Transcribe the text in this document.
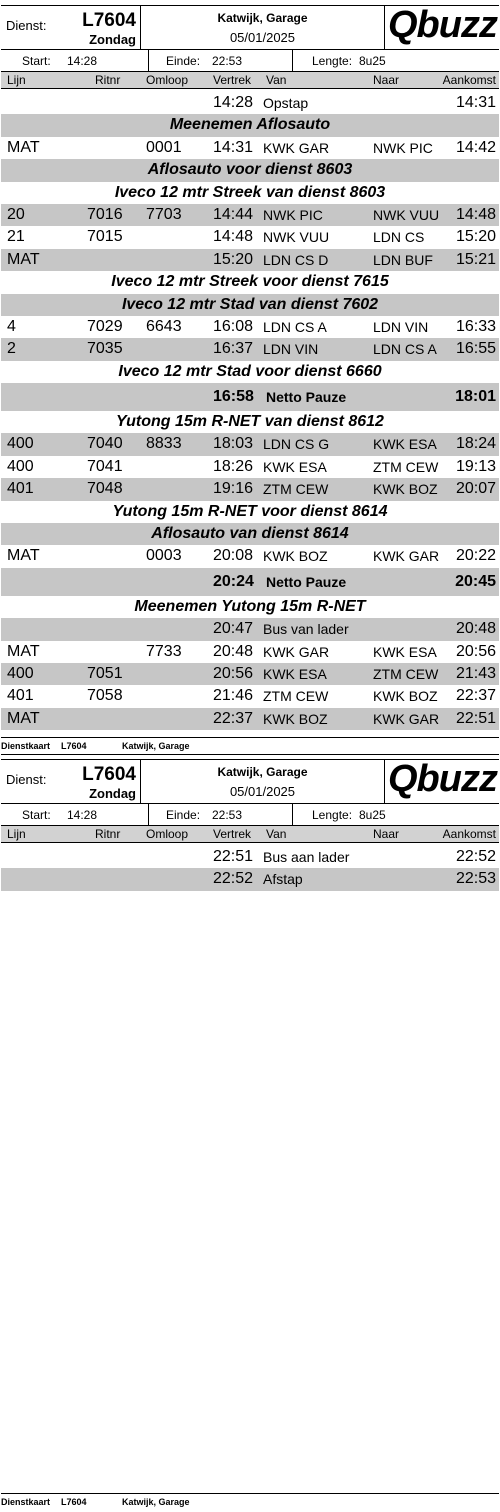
Dienst: L7604
Zondag
Katwijk, Garage
05/01/2025	Qbuzz
Start: 14:28	Einde: 22:53	Lengte: 8u25
Lijn	Ritnr Omloop Vertrek Van	Naar	Aankomst
14:28 Opstap	14:31
Meenemen Aflosauto
MAT	0001 14:31 KWK GAR	NWK PIC 14:42
Aflosauto voor dienst 8603
Iveco 12 mtr Streek van dienst 8603
20	7016 7703 14:44 NWK PIC	NWK VUU 14:48
21	7015	14:48 NWK VUU	LDN CS 15:20
MAT	15:20 LDN CS D	LDN BUF 15:21
Iveco 12 mtr Streek voor dienst 7615
Iveco 12 mtr Stad van dienst 7602
4	7029 6643 16:08 LDN CS A	LDN VIN 16:33
2	7035	16:37 LDN VIN	LDN CS A 16:55
Iveco 12 mtr Stad voor dienst 6660
16:58 Netto Pauze	18:01
Yutong 15m R-NET van dienst 8612
400	7040 8833 18:03 LDN CS G	KWK ESA 18:24
400	7041	18:26 KWK ESA	ZTM CEW 19:13
401	7048	19:16 ZTM CEW	KWK BOZ 20:07
Yutong 15m R-NET voor dienst 8614
Aflosauto van dienst 8614
MAT	0003 20:08 KWK BOZ	KWK GAR 20:22
20:24 Netto Pauze	20:45
Meenemen Yutong 15m R-NET
20:47 Bus van lader	20:48
MAT	7733 20:48 KWK GAR	KWK ESA 20:56
400	7051	20:56 KWK ESA	ZTM CEW 21:43
401	7058	21:46 ZTM CEW	KWK BOZ 22:37
MAT	22:37 KWK BOZ	KWK GAR 22:51
Dienstkaart L7604	Katwijk, Garage
Dienst: L7604
Zondag
Katwijk, Garage
05/01/2025	Qbuzz
Start: 14:28	Einde: 22:53	Lengte: 8u25
Lijn	Ritnr Omloop Vertrek Van	Naar	Aankomst
22:51 Bus aan lader	22:52
22:52 Afstap	22:53
Dienstkaart L7604	Katwijk, Garage
